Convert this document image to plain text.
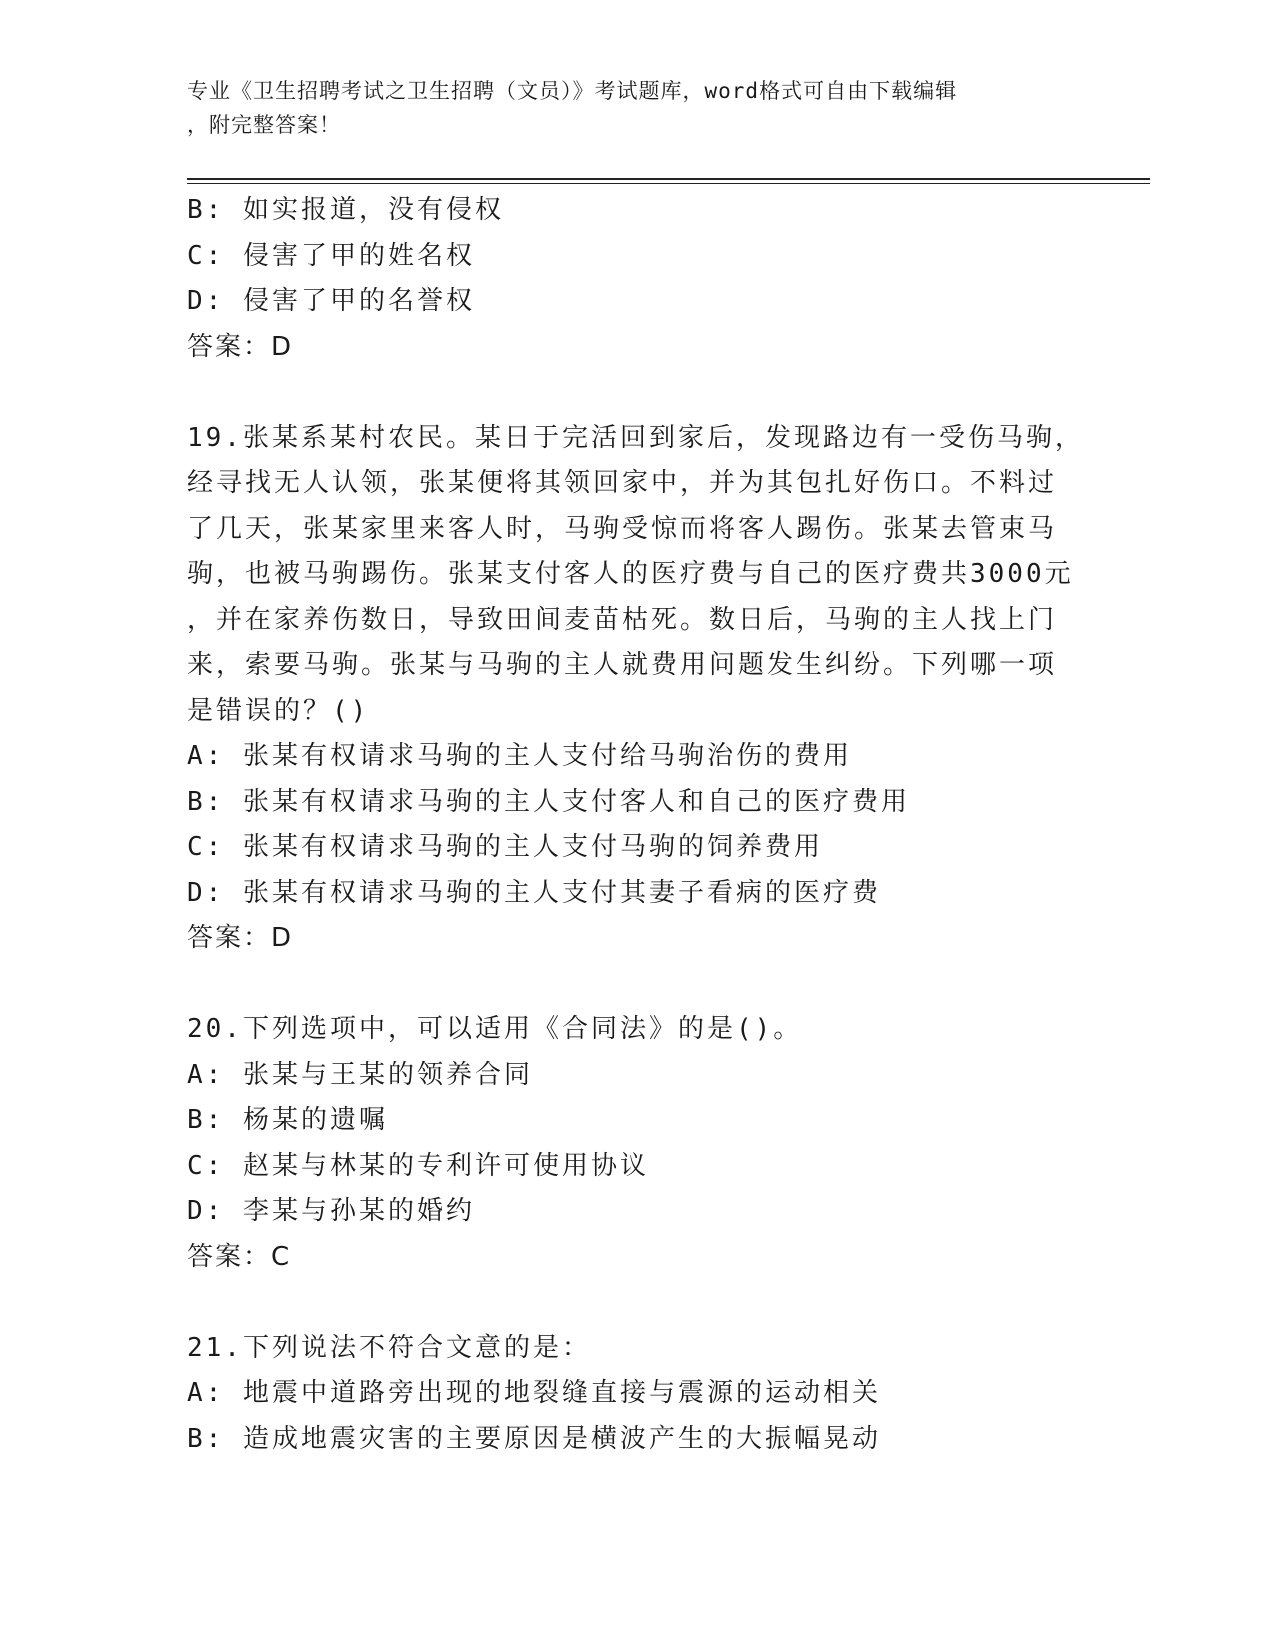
专业《卫生招聘考试之卫生招聘（文员）》考试题库，word格式可自由下载编辑
，附完整答案！
B: 如实报道，没有侵权
C: 侵害了甲的姓名权
D: 侵害了甲的名誉权
答案：D
19.张某系某村农民。某日于完活回到家后，发现路边有一受伤马驹，
经寻找无人认领，张某便将其领回家中，并为其包扎好伤口。不料过
了几天，张某家里来客人时，马驹受惊而将客人踢伤。张某去管束马
驹，也被马驹踢伤。张某支付客人的医疗费与自己的医疗费共3000元
，并在家养伤数日，导致田间麦苗枯死。数日后，马驹的主人找上门
来，索要马驹。张某与马驹的主人就费用问题发生纠纷。下列哪一项
是错误的？()
A: 张某有权请求马驹的主人支付给马驹治伤的费用
B: 张某有权请求马驹的主人支付客人和自己的医疗费用
C: 张某有权请求马驹的主人支付马驹的饲养费用
D: 张某有权请求马驹的主人支付其妻子看病的医疗费
答案：D
20.下列选项中，可以适用《合同法》的是()。
A: 张某与王某的领养合同
B: 杨某的遗嘱
C: 赵某与林某的专利许可使用协议
D: 李某与孙某的婚约
答案：C
21.下列说法不符合文意的是：
A: 地震中道路旁出现的地裂缝直接与震源的运动相关
B: 造成地震灾害的主要原因是横波产生的大振幅晃动
